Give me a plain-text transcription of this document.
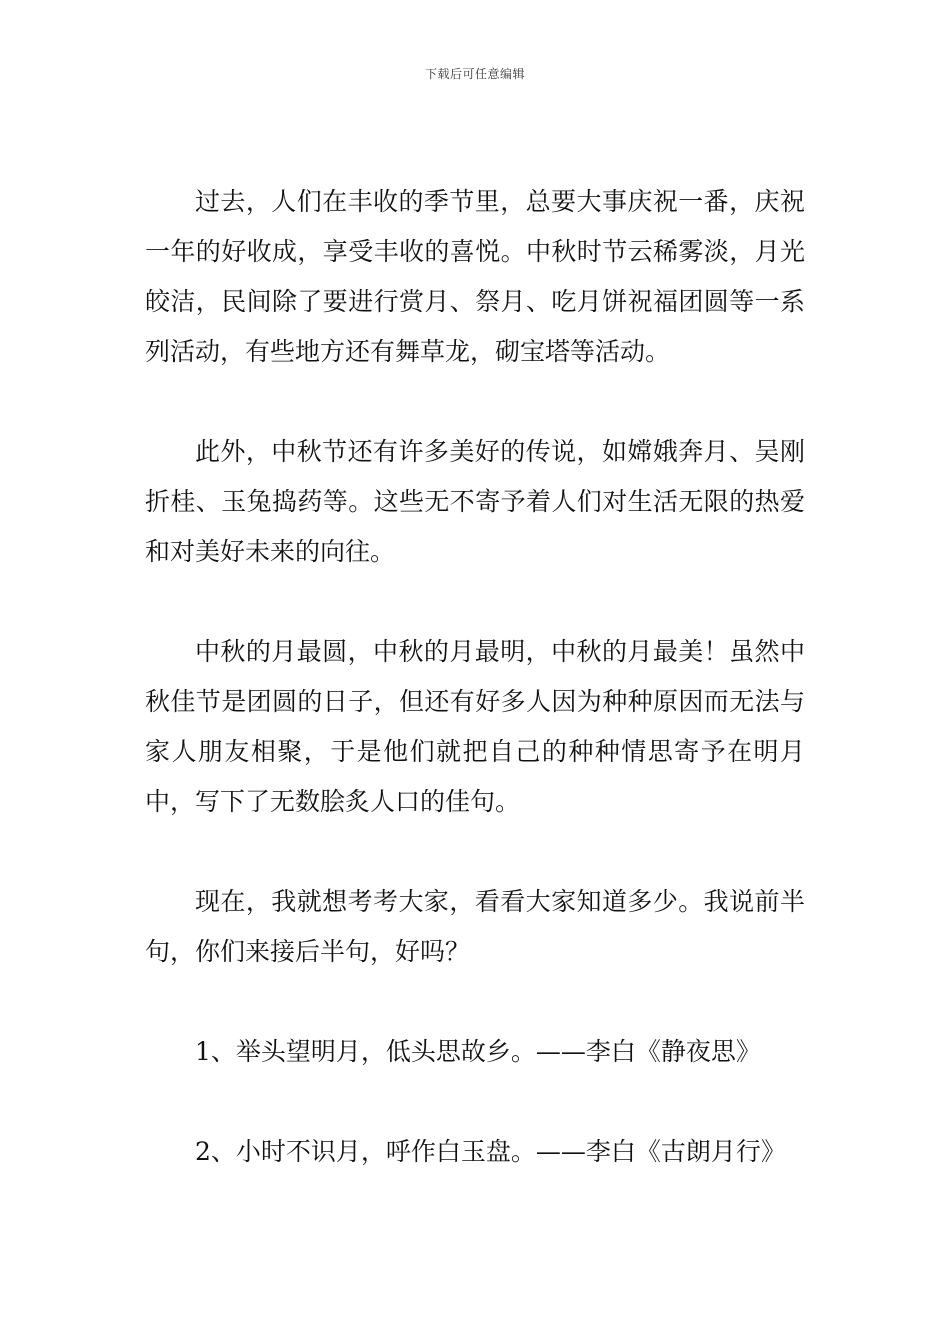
下载后可任意编辑

过去，人们在丰收的季节里，总要大事庆祝一番，庆祝一年的好收成，享受丰收的喜悦。中秋时节云稀雾淡，月光皎洁，民间除了要进行赏月、祭月、吃月饼祝福团圆等一系列活动，有些地方还有舞草龙，砌宝塔等活动。

此外，中秋节还有许多美好的传说，如嫦娥奔月、吴刚折桂、玉兔捣药等。这些无不寄予着人们对生活无限的热爱和对美好未来的向往。

中秋的月最圆，中秋的月最明，中秋的月最美！虽然中秋佳节是团圆的日子，但还有好多人因为种种原因而无法与家人朋友相聚，于是他们就把自己的种种情思寄予在明月中，写下了无数脍炙人口的佳句。

现在，我就想考考大家，看看大家知道多少。我说前半句，你们来接后半句，好吗？

1、举头望明月，低头思故乡。——李白《静夜思》

2、小时不识月，呼作白玉盘。——李白《古朗月行》
